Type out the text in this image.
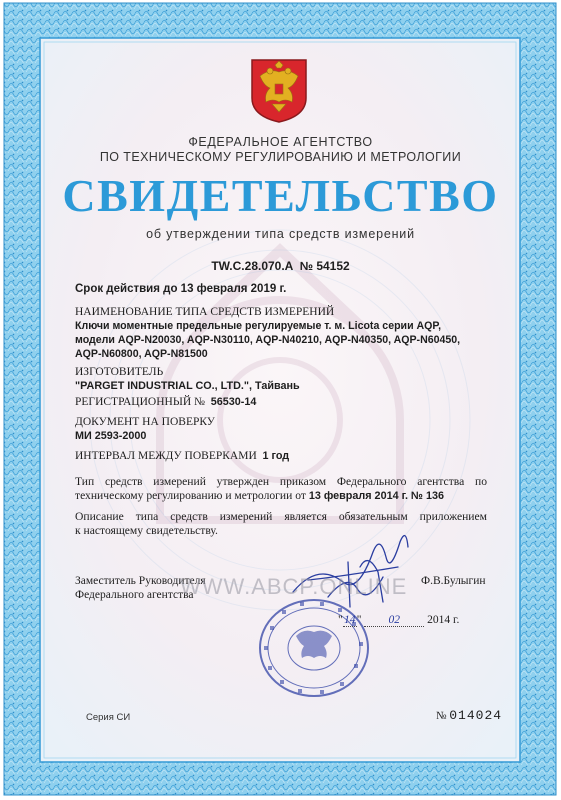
ФЕДЕРАЛЬНОЕ АГЕНТСТВО
ПО ТЕХНИЧЕСКОМУ РЕГУЛИРОВАНИЮ И МЕТРОЛОГИИ
СВИДЕТЕЛЬСТВО
об утверждении типа средств измерений
TW.C.28.070.A № 54152
Срок действия до 13 февраля 2019 г.
НАИМЕНОВАНИЕ ТИПА СРЕДСТВ ИЗМЕРЕНИЙ
Ключи моментные предельные регулируемые т. м. Licota серии AQP,
модели AQP-N20030, AQP-N30110, AQP-N40210, AQP-N40350, AQP-N60450,
AQP-N60800, AQP-N81500
ИЗГОТОВИТЕЛЬ
"PARGET INDUSTRIAL CO., LTD.", Тайвань
РЕГИСТРАЦИОННЫЙ № 56530-14
ДОКУМЕНТ НА ПОВЕРКУ
МИ 2593-2000
ИНТЕРВАЛ МЕЖДУ ПОВЕРКАМИ 1 год
Тип средств измерений утвержден приказом Федерального агентства по
техническому регулированию и метрологии от 13 февраля 2014 г. № 136
Описание типа средств измерений является обязательным приложением
к настоящему свидетельству.
Заместитель Руководителя
Федерального агентства
Ф.В.Булыгин
WWW.ABCP.ONLINE
"14" 02 2014 г.
Серия СИ	№ 014024
